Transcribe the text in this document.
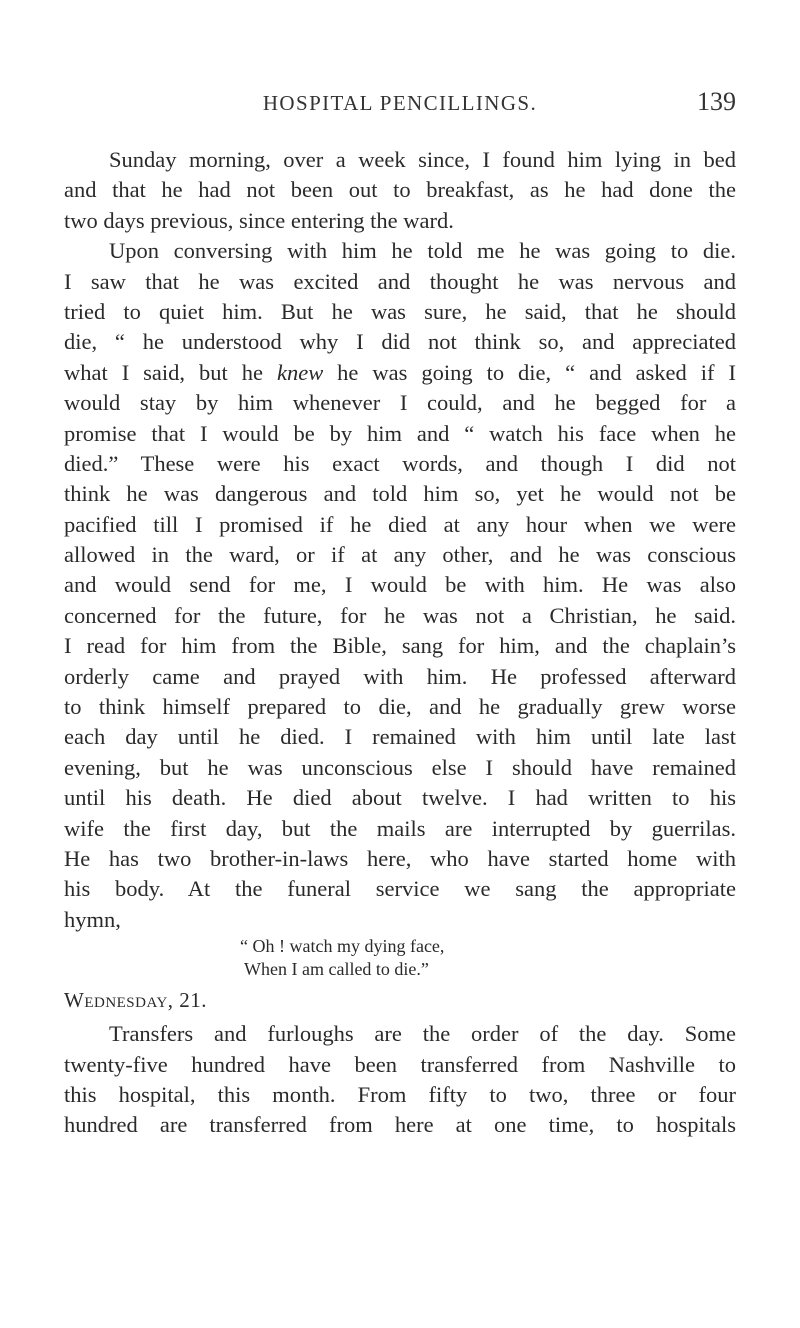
HOSPITAL PENCILLINGS.	139
Sunday morning, over a week since, I found him lying in bed
and that he had not been out to breakfast, as he had done the
two days previous, since entering the ward.
Upon conversing with him he told me he was going to die.
I saw that he was excited and thought he was nervous and
tried to quiet him. But he was sure, he said, that he should
die, “ he understood why I did not think so, and appreciated
what I said, but he knew he was going to die, “ and asked if I
would stay by him whenever I could, and he begged for a
promise that I would be by him and “ watch his face when he
died.” These were his exact words, and though I did not
think he was dangerous and told him so, yet he would not be
pacified till I promised if he died at any hour when we were
allowed in the ward, or if at any other, and he was conscious
and would send for me, I would be with him. He was also
concerned for the future, for he was not a Christian, he said.
I read for him from the Bible, sang for him, and the chaplain’s
orderly came and prayed with him. He professed afterward
to think himself prepared to die, and he gradually grew worse
each day until he died. I remained with him until late last
evening, but he was unconscious else I should have remained
until his death. He died about twelve. I had written to his
wife the first day, but the mails are interrupted by guerrilas.
He has two brother-in-laws here, who have started home with
his body. At the funeral service we sang the appropriate
hymn,
“ Oh ! watch my dying face,
When I am called to die.”
Wednesday, 21.
Transfers and furloughs are the order of the day. Some
twenty-five hundred have been transferred from Nashville to
this hospital, this month. From fifty to two, three or four
hundred are transferred from here at one time, to hospitals
